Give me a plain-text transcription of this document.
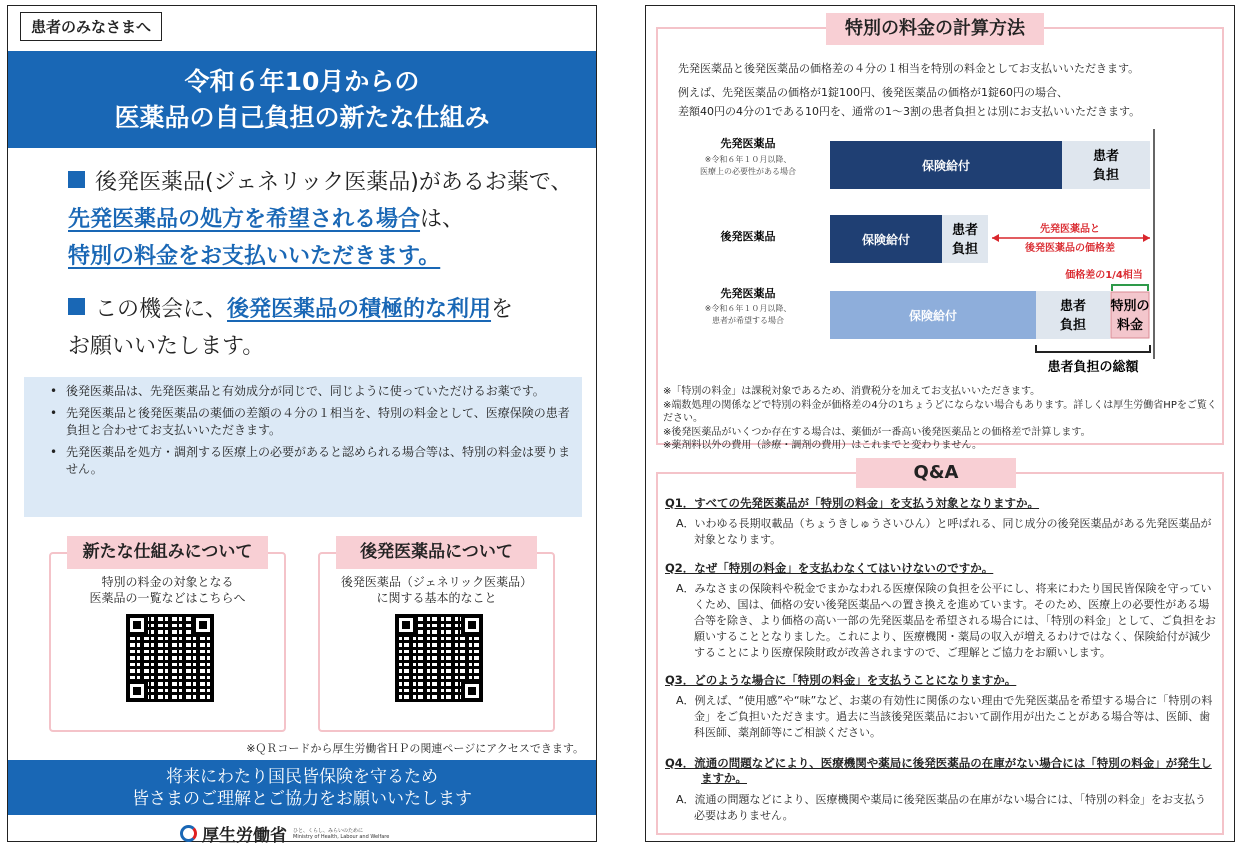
患者のみなさまへ
令和６年10月からの
医薬品の自己負担の新たな仕組み
後発医薬品(ジェネリック医薬品)があるお薬で、
先発医薬品の処方を希望される場合は、
特別の料金をお支払いいただきます。
この機会に、後発医薬品の積極的な利用を
お願いいたします。
• 後発医薬品は、先発医薬品と有効成分が同じで、同じように使っていただけるお薬です。
• 先発医薬品と後発医薬品の薬価の差額の４分の１相当を、特別の料金として、医療保険の患者負担と合わせてお支払いいただきます。
• 先発医薬品を処方・調剤する医療上の必要があると認められる場合等は、特別の料金は要りません。
新たな仕組みについて
特別の料金の対象となる
医薬品の一覧などはこちらへ
後発医薬品について
後発医薬品（ジェネリック医薬品）
に関する基本的なこと
※ＱＲコードから厚生労働省ＨＰの関連ページにアクセスできます。
将来にわたり国民皆保険を守るため
皆さまのご理解とご協力をお願いいたします
厚生労働省 ひと、くらし、みらいのために
Ministry of Health, Labour and Welfare
特別の料金の計算方法
先発医薬品と後発医薬品の価格差の４分の１相当を特別の料金としてお支払いいただきます。
例えば、先発医薬品の価格が1錠100円、後発医薬品の価格が1錠60円の場合、
差額40円の4分の1である10円を、通常の1～3割の患者負担とは別にお支払いいただきます。
先発医薬品
※令和６年１０月以降、
医療上の必要性がある場合	保険給付
患者
負担
後発医薬品	保険給付
患者
負担
先発医薬品と
後発医薬品の価格差
先発医薬品
※令和６年１０月以降、
患者が希望する場合
価格差の1/4相当
保険給付
患者
負担
特別の
料金
患者負担の総額
※「特別の料金」は課税対象であるため、消費税分を加えてお支払いいただきます。
※端数処理の関係などで特別の料金が価格差の4分の1ちょうどにならない場合もあります。詳しくは厚生労働省HPをご覧ください。
※後発医薬品がいくつか存在する場合は、薬価が一番高い後発医薬品との価格差で計算します。
※薬剤料以外の費用（診療・調剤の費用）はこれまでと変わりません。
Q&A
Q1．すべての先発医薬品が「特別の料金」を支払う対象となりますか。
A．いわゆる長期収載品（ちょうきしゅうさいひん）と呼ばれる、同じ成分の後発医薬品がある先発医薬品が対象となります。
Q2．なぜ「特別の料金」を支払わなくてはいけないのですか。
A．みなさまの保険料や税金でまかなわれる医療保険の負担を公平にし、将来にわたり国民皆保険を守っていくため、国は、価格の安い後発医薬品への置き換えを進めています。そのため、医療上の必要性がある場合等を除き、より価格の高い一部の先発医薬品を希望される場合には、「特別の料金」として、ご負担をお願いすることとなりました。これにより、医療機関・薬局の収入が増えるわけではなく、保険給付が減少することにより医療保険財政が改善されますので、ご理解とご協力をお願いします。
Q3．どのような場合に「特別の料金」を支払うことになりますか。
A．例えば、“使用感”や“味”など、お薬の有効性に関係のない理由で先発医薬品を希望する場合に「特別の料金」をご負担いただきます。過去に当該後発医薬品において副作用が出たことがある場合等は、医師、歯科医師、薬剤師等にご相談ください。
Q4．流通の問題などにより、医療機関や薬局に後発医薬品の在庫がない場合には「特別の料金」が発生しますか。
A．流通の問題などにより、医療機関や薬局に後発医薬品の在庫がない場合には、「特別の料金」をお支払う必要はありません。
